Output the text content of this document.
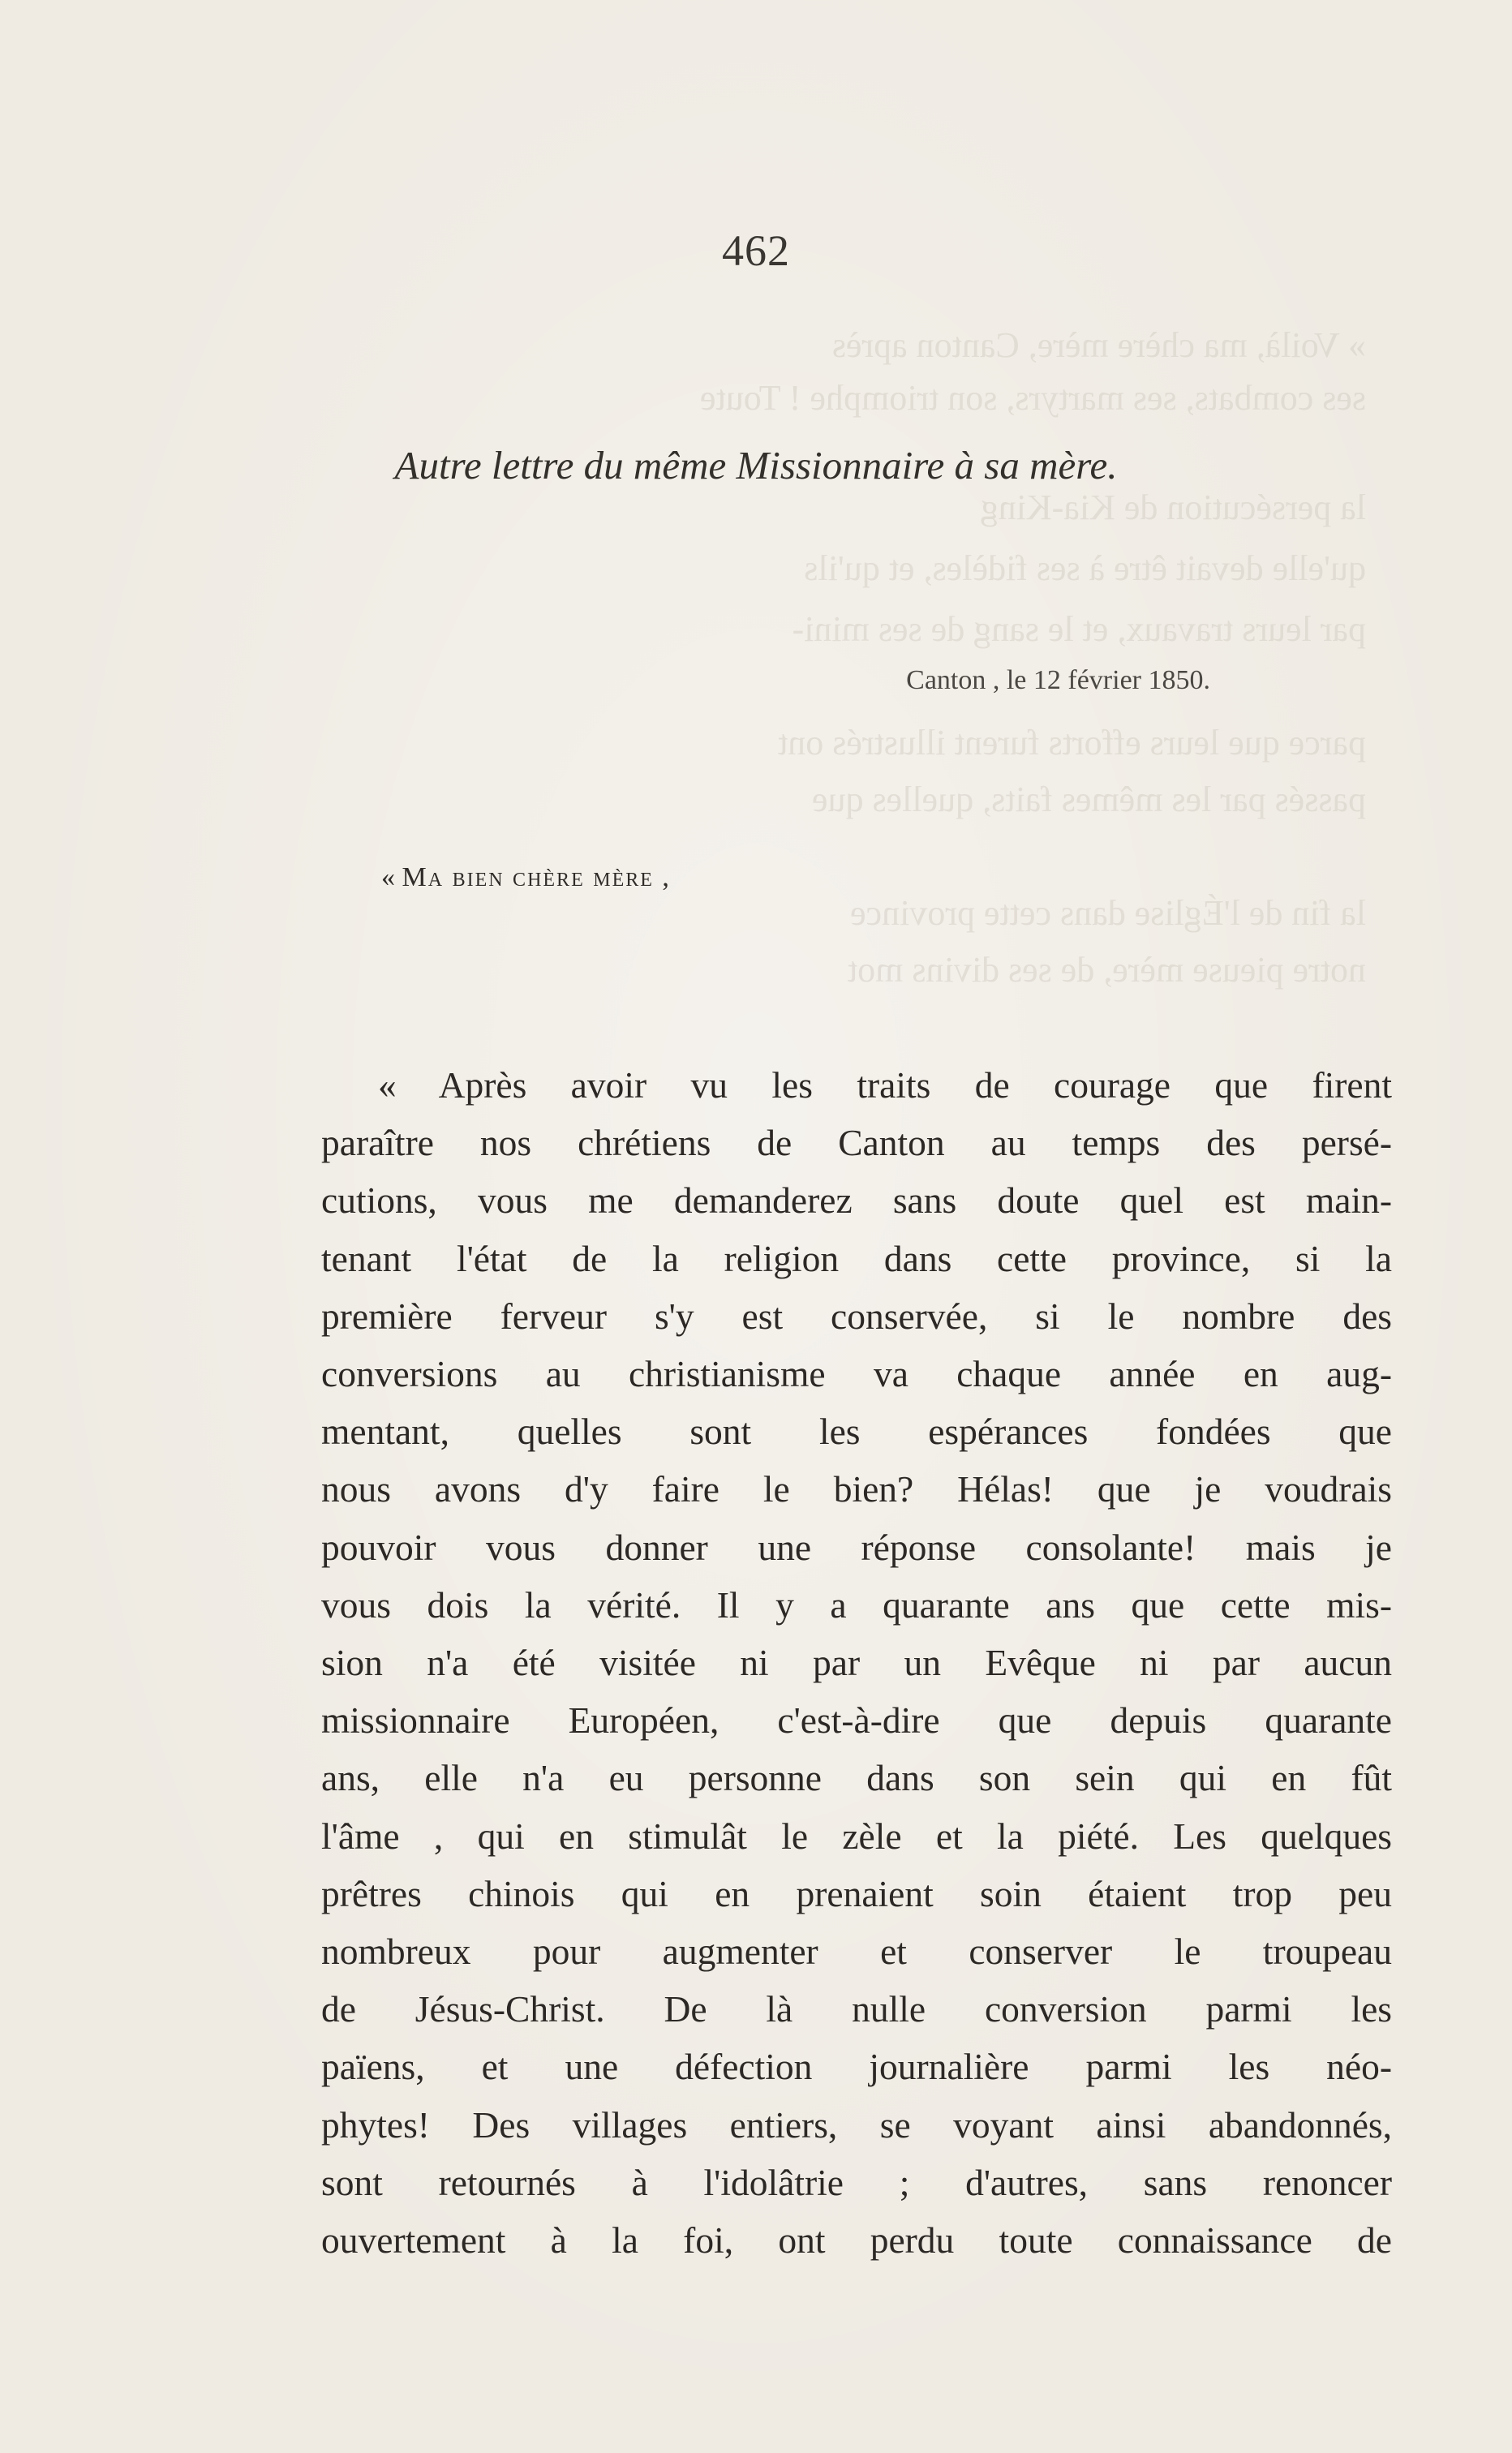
» Voilà, ma chère mère, Canton après
ses combats, ses martyrs, son triomphe ! Toute
la persécution de Kia-King
qu'elle devait être à ses fidèles, et qu'ils
par leurs travaux, et le sang de ses mini-
parce que leurs efforts furent illustrés ont
passés par les mêmes faits, quelles que
la fin de l'Église dans cette province
notre pieuse mère, de ses divins mot
462
Autre lettre du même Missionnaire à sa mère.
Canton , le 12 février 1850.
« Ma bien chère mère ,
« Après avoir vu les traits de courage que firent
paraître nos chrétiens de Canton au temps des persé-
cutions, vous me demanderez sans doute quel est main-
tenant l'état de la religion dans cette province, si la
première ferveur s'y est conservée, si le nombre des
conversions au christianisme va chaque année en aug-
mentant, quelles sont les espérances fondées que
nous avons d'y faire le bien? Hélas! que je voudrais
pouvoir vous donner une réponse consolante! mais je
vous dois la vérité. Il y a quarante ans que cette mis-
sion n'a été visitée ni par un Evêque ni par aucun
missionnaire Européen, c'est-à-dire que depuis quarante
ans, elle n'a eu personne dans son sein qui en fût
l'âme , qui en stimulât le zèle et la piété. Les quelques
prêtres chinois qui en prenaient soin étaient trop peu
nombreux pour augmenter et conserver le troupeau
de Jésus-Christ. De là nulle conversion parmi les
païens, et une défection journalière parmi les néo-
phytes! Des villages entiers, se voyant ainsi abandonnés,
sont retournés à l'idolâtrie ; d'autres, sans renoncer
ouvertement à la foi, ont perdu toute connaissance de
